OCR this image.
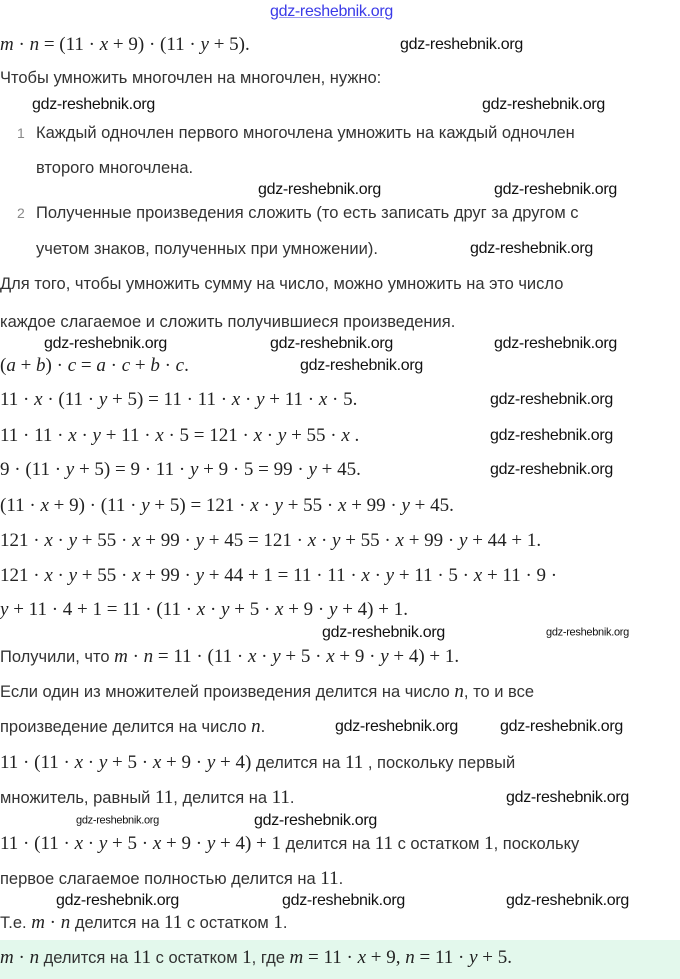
m · n = (11 · x + 9) · (11 · y + 5).
Чтобы умножить многочлен на многочлен, нужно:
Каждый одночлен первого многочлена умножить на каждый одночлен
второго многочлена.
Полученные произведения сложить (то есть записать друг за другом с
учетом знаков, полученных при умножении).
Для того, чтобы умножить сумму на число, можно умножить на это число
каждое слагаемое и сложить получившиеся произведения.
(a + b) · c = a · c + b · c.
11 · x · (11 · y + 5) = 11 · 11 · x · y + 11 · x · 5.
11 · 11 · x · y + 11 · x · 5 = 121 · x · y + 55 · x .
9 · (11 · y + 5) = 9 · 11 · y + 9 · 5 = 99 · y + 45.
(11 · x + 9) · (11 · y + 5) = 121 · x · y + 55 · x + 99 · y + 45.
121 · x · y + 55 · x + 99 · y + 45 = 121 · x · y + 55 · x + 99 · y + 44 + 1.
121 · x · y + 55 · x + 99 · y + 44 + 1 = 11 · 11 · x · y + 11 · 5 · x + 11 · 9 ·
y + 11 · 4 + 1 = 11 · (11 · x · y + 5 · x + 9 · y + 4) + 1.
Получили, что m · n = 11 · (11 · x · y + 5 · x + 9 · y + 4) + 1.
Если один из множителей произведения делится на число n, то и все
произведение делится на число n.
11 · (11 · x · y + 5 · x + 9 · y + 4) делится на 11 , поскольку первый
множитель, равный 11, делится на 11.
11 · (11 · x · y + 5 · x + 9 · y + 4) + 1 делится на 11 с остатком 1, поскольку
первое слагаемое полностью делится на 11.
Т.е. m · n делится на 11 с остатком 1.
m · n делится на 11 с остатком 1, где m = 11 · x + 9, n = 11 · y + 5.
1
2
gdz-reshebnik.org
gdz-reshebnik.org
gdz-reshebnik.org
gdz-reshebnik.org
gdz-reshebnik.org	gdz-reshebnik.org
gdz-reshebnik.org
gdz-reshebnik.org	gdz-reshebnik.org
gdz-reshebnik.org
gdz-reshebnik.org
gdz-reshebnik.org
gdz-reshebnik.org
gdz-reshebnik.org
gdz-reshebnik.org	gdz-reshebnik.org
gdz-reshebnik.org	gdz-reshebnik.org
gdz-reshebnik.org	gdz-reshebnik.org
gdz-reshebnik.org
gdz-reshebnik.org	gdz-reshebnik.org	gdz-reshebnik.org
